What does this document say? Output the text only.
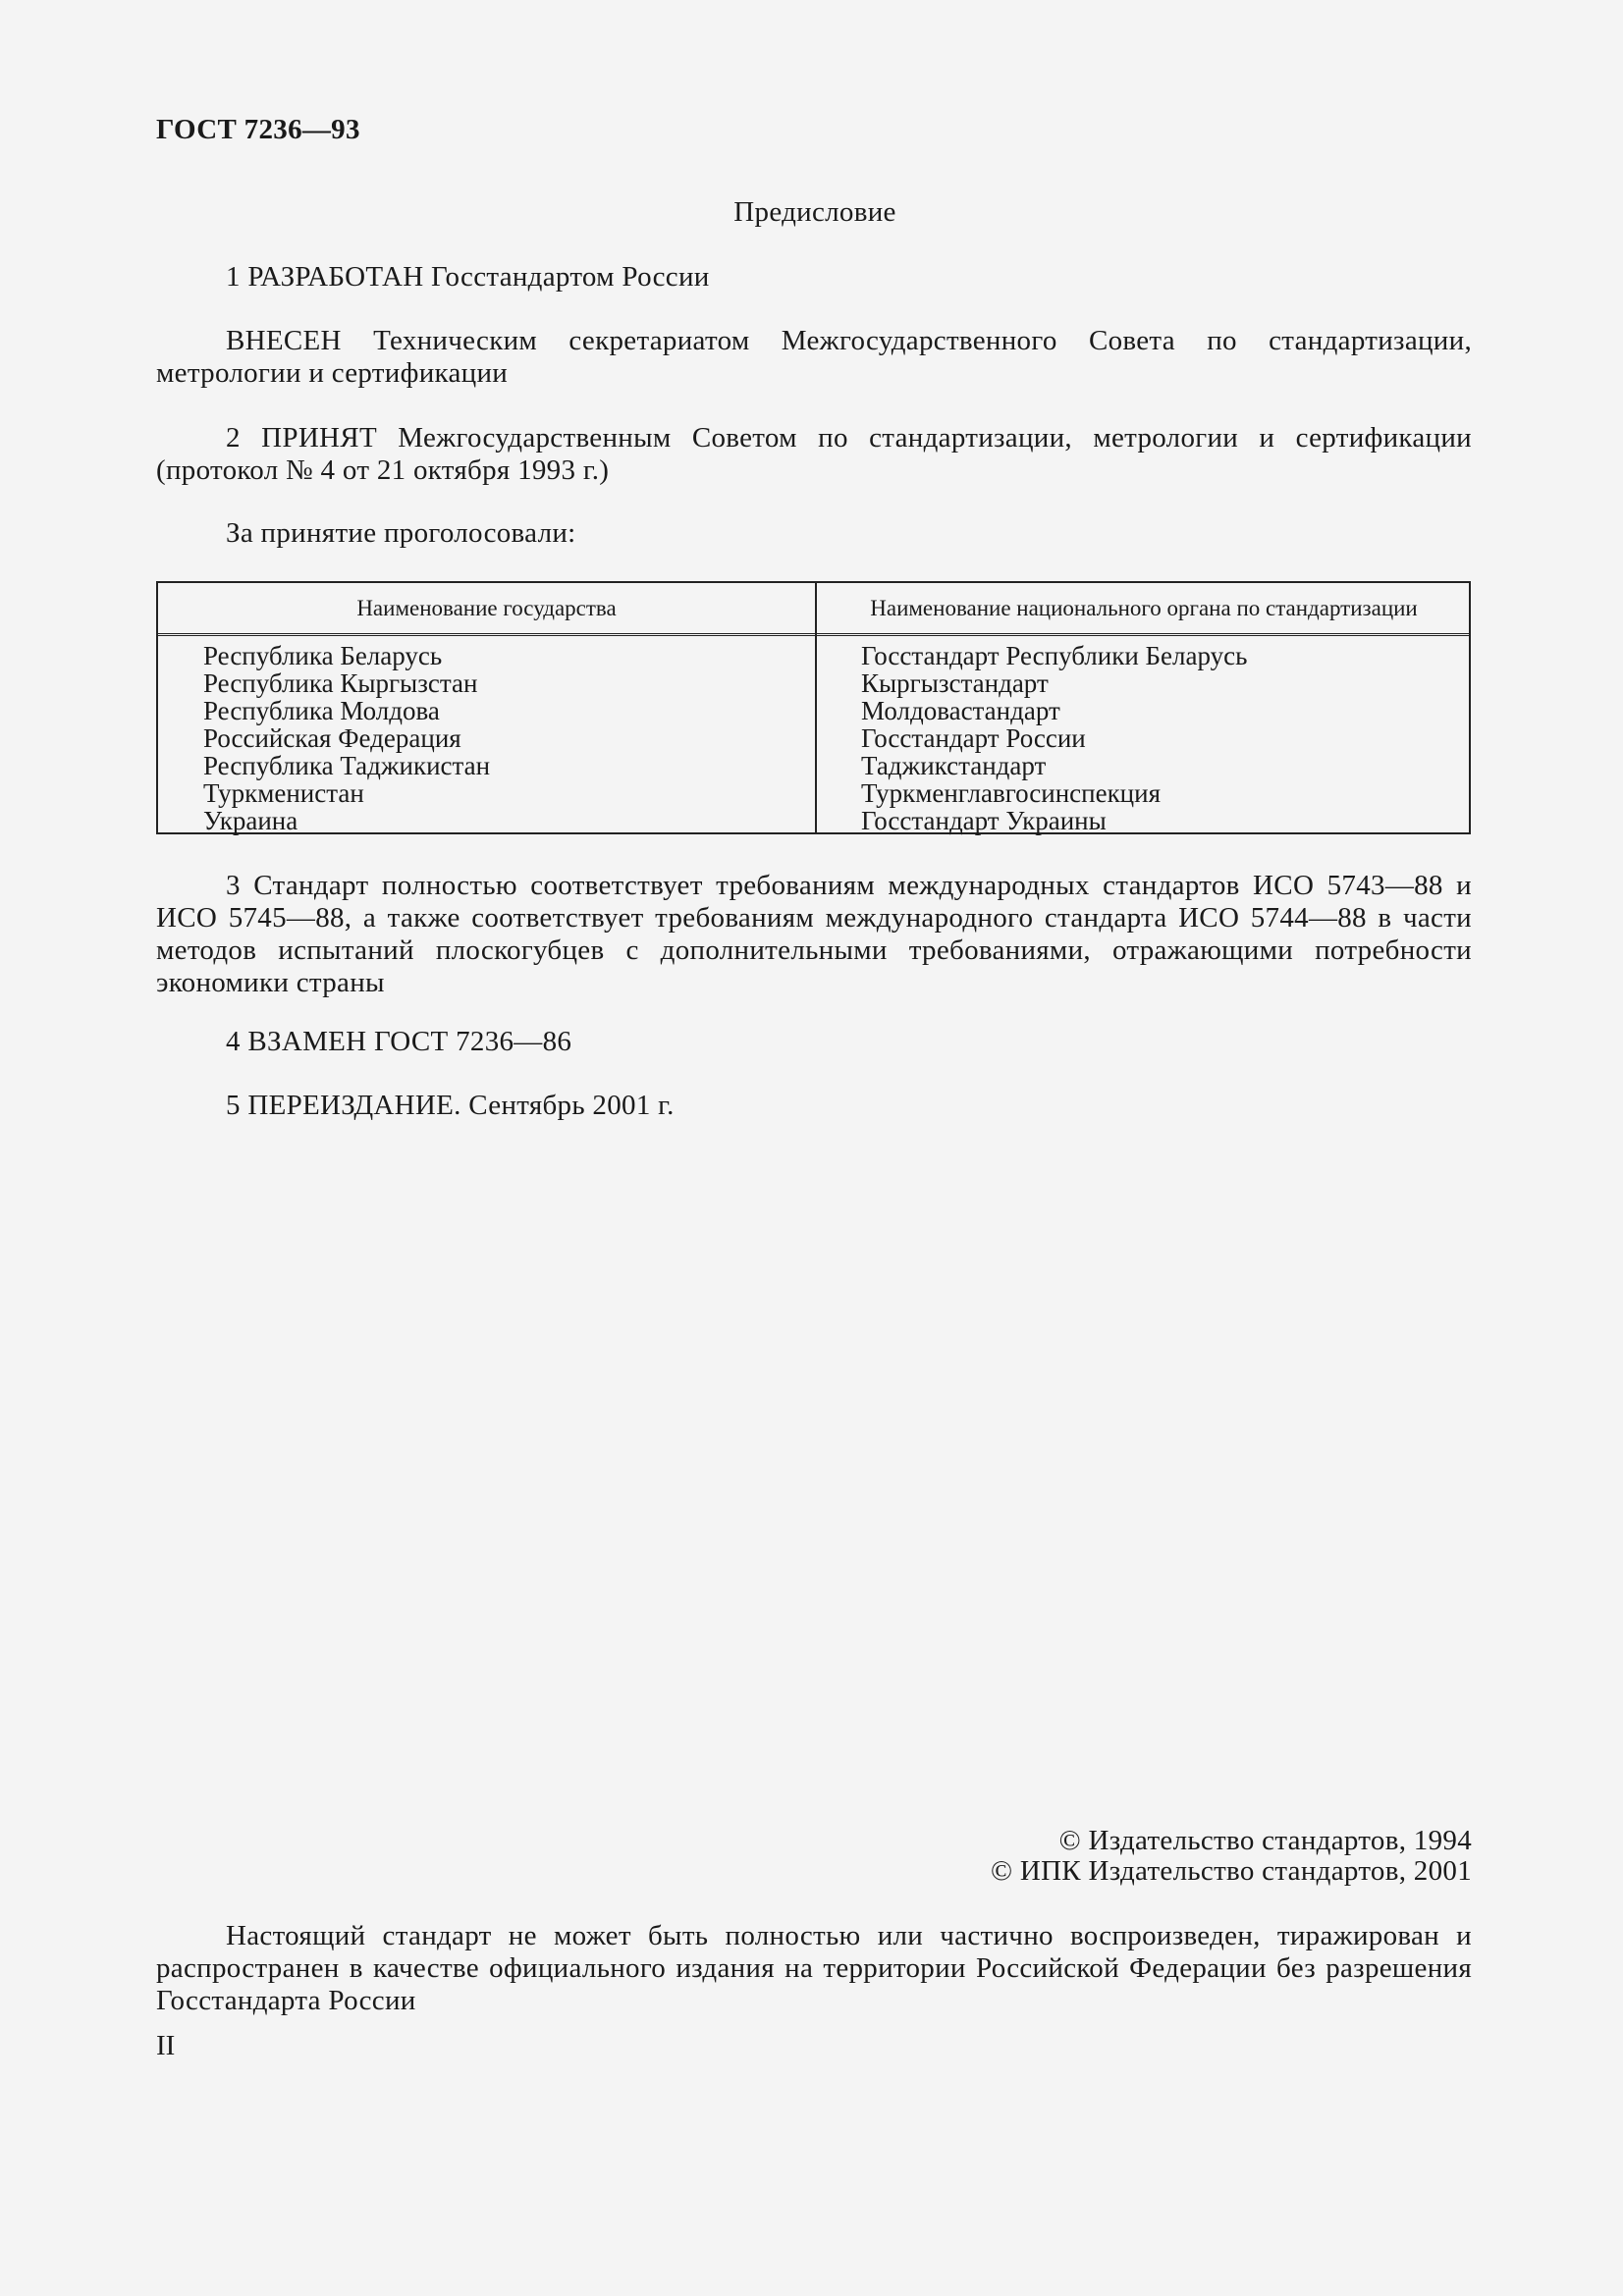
ГОСТ 7236—93
Предисловие
1 РАЗРАБОТАН Госстандартом России
ВНЕСЕН Техническим секретариатом Межгосударственного Совета по стандартизации, метрологии и сертификации
2 ПРИНЯТ Межгосударственным Советом по стандартизации, метрологии и сертификации (протокол № 4 от 21 октября 1993 г.)
За принятие проголосовали:
Наименование государства	Наименование национального органа по стандартизации
Республика Беларусь
Республика Кыргызстан
Республика Молдова
Российская Федерация
Республика Таджикистан
Туркменистан
Украина
Госстандарт Республики Беларусь
Кыргызстандарт
Молдовастандарт
Госстандарт России
Таджикстандарт
Туркменглавгосинспекция
Госстандарт Украины
3 Стандарт полностью соответствует требованиям международных стандартов ИСО 5743—88 и ИСО 5745—88, а также соответствует требованиям международного стандарта ИСО 5744—88 в части методов испытаний плоскогубцев с дополнительными требованиями, отражающими потребности экономики страны
4 ВЗАМЕН ГОСТ 7236—86
5 ПЕРЕИЗДАНИЕ. Сентябрь 2001 г.
© Издательство стандартов, 1994
© ИПК Издательство стандартов, 2001
Настоящий стандарт не может быть полностью или частично воспроизведен, тиражирован и распространен в качестве официального издания на территории Российской Федерации без разрешения Госстандарта России
II
